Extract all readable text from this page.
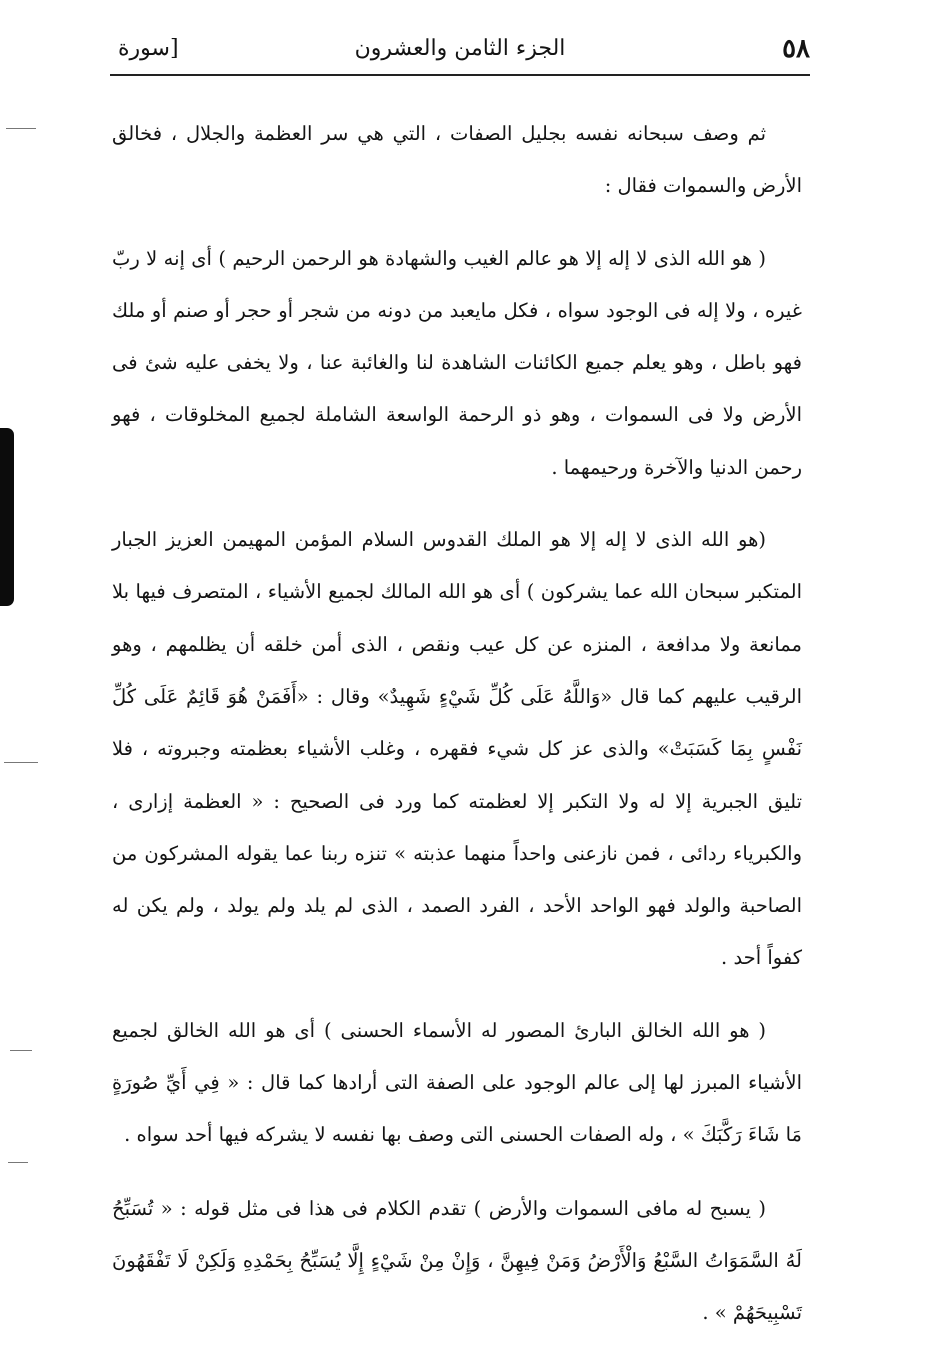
٥٨
الجزء الثامن والعشرون
[سورة

ثم وصف سبحانه نفسه بجليل الصفات ، التي هي سر العظمة والجلال ، فخالق الأرض والسموات فقال :

( هو الله الذى لا إله إلا هو عالم الغيب والشهادة هو الرحمن الرحيم ) أى إنه لا ربّ غيره ، ولا إله فى الوجود سواه ، فكل مايعبد من دونه من شجر أو حجر أو صنم أو ملك فهو باطل ، وهو يعلم جميع الكائنات الشاهدة لنا والغائبة عنا ، ولا يخفى عليه شئ فى الأرض ولا فى السموات ، وهو ذو الرحمة الواسعة الشاملة لجميع المخلوقات ، فهو رحمن الدنيا والآخرة ورحيمهما .

(هو الله الذى لا إله إلا هو الملك القدوس السلام المؤمن المهيمن العزيز الجبار المتكبر سبحان الله عما يشركون ) أى هو الله المالك لجميع الأشياء ، المتصرف فيها بلا ممانعة ولا مدافعة ، المنزه عن كل عيب ونقص ، الذى أمن خلقه أن يظلمهم ، وهو الرقيب عليهم كما قال «وَاللَّهُ عَلَى كُلِّ شَيْءٍ شَهِيدٌ» وقال : «أَفَمَنْ هُوَ قَائِمٌ عَلَى كُلِّ نَفْسٍ بِمَا كَسَبَتْ» والذى عز كل شيء فقهره ، وغلب الأشياء بعظمته وجبروته ، فلا تليق الجبرية إلا له ولا التكبر إلا لعظمته كما ورد فى الصحيح : « العظمة إزارى ، والكبرياء ردائى ، فمن نازعنى واحداً منهما عذبته » تنزه ربنا عما يقوله المشركون من الصاحبة والولد فهو الواحد الأحد ، الفرد الصمد ، الذى لم يلد ولم يولد ، ولم يكن له كفواً أحد .

( هو الله الخالق البارئ المصور له الأسماء الحسنى ) أى هو الله الخالق لجميع الأشياء المبرز لها إلى عالم الوجود على الصفة التى أرادها كما قال : « فِي أَيِّ صُورَةٍ مَا شَاءَ رَكَّبَكَ » ، وله الصفات الحسنى التى وصف بها نفسه لا يشركه فيها أحد سواه .

( يسبح له مافى السموات والأرض ) تقدم الكلام فى هذا فى مثل قوله : « تُسَبِّحُ لَهُ السَّمَوَاتُ السَّبْعُ وَالْأَرْضُ وَمَنْ فِيهِنَّ ، وَإِنْ مِنْ شَيْءٍ إِلَّا يُسَبِّحُ بِحَمْدِهِ وَلَكِنْ لَا تَفْقَهُونَ تَسْبِيحَهُمْ » .
